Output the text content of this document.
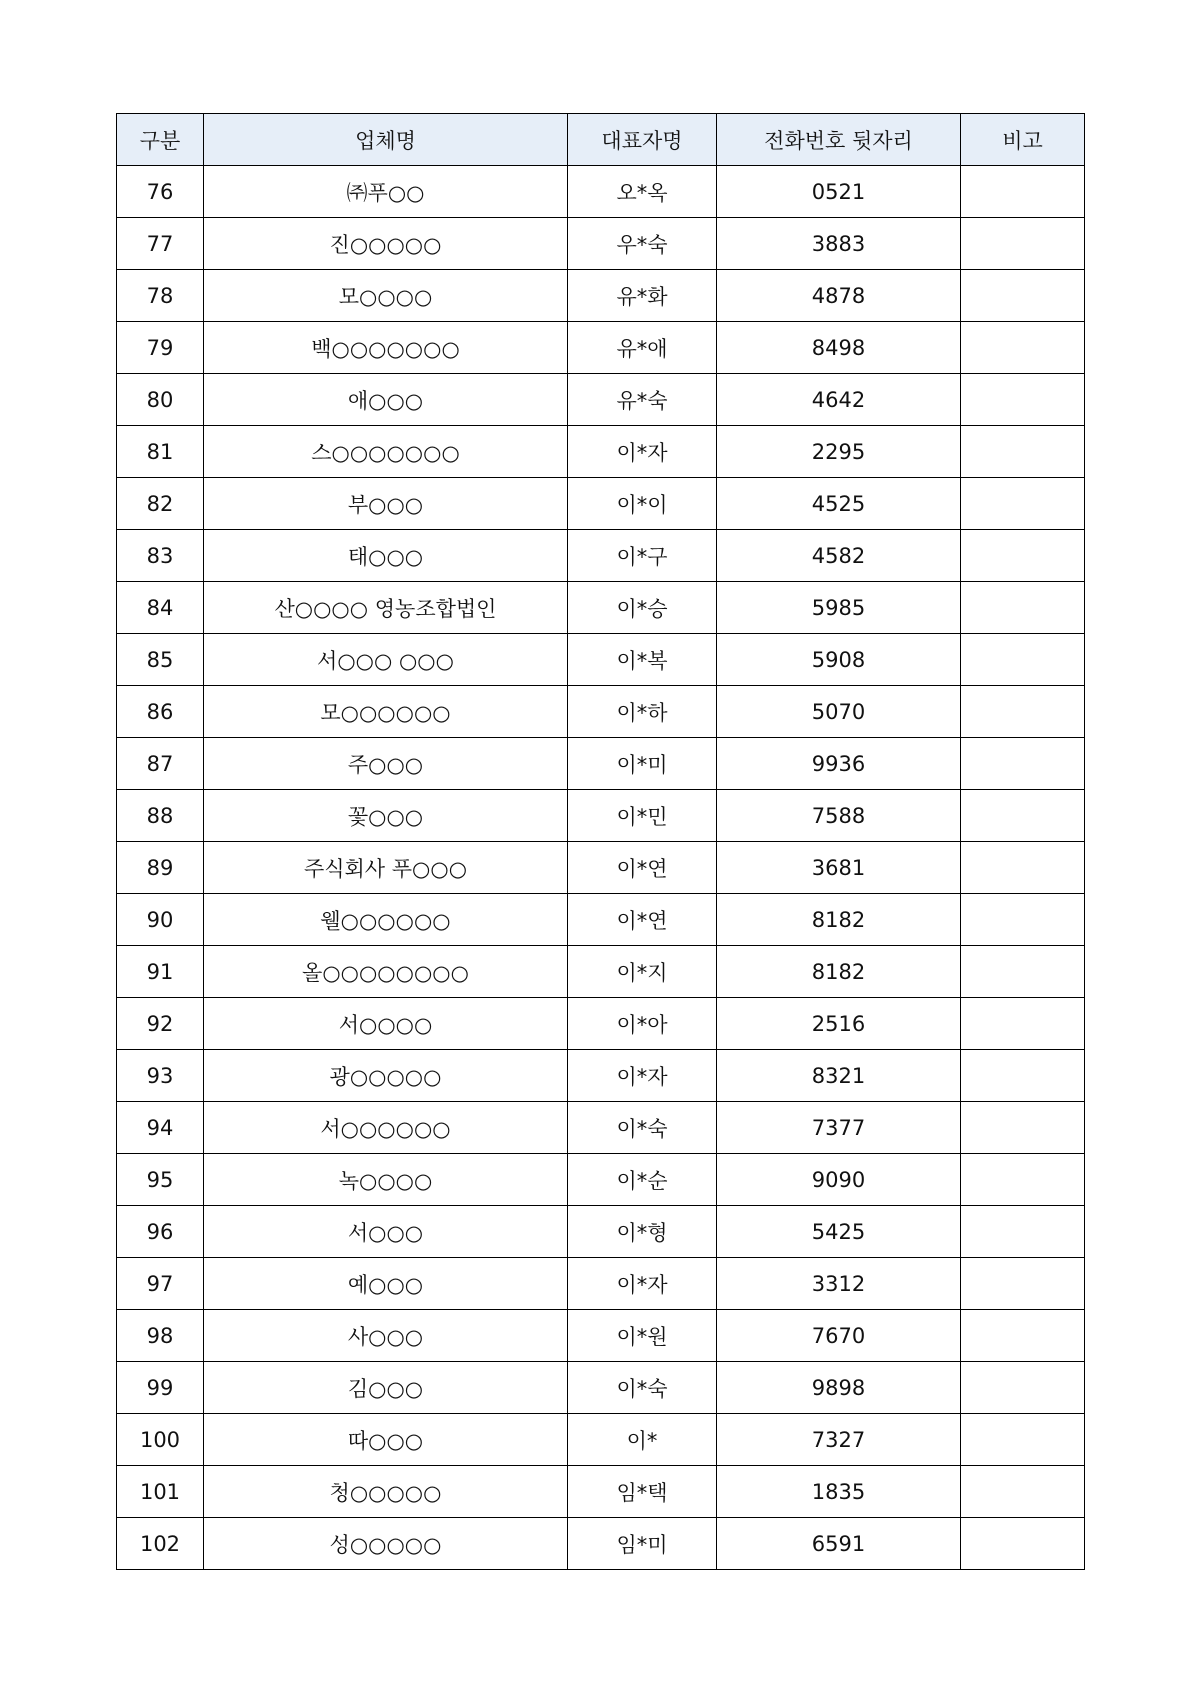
구분	업체명	대표자명	전화번호 뒷자리	비고
76	㈜푸○○	오*옥	0521	
77	진○○○○○	우*숙	3883	
78	모○○○○	유*화	4878	
79	백○○○○○○○	유*애	8498	
80	애○○○	유*숙	4642	
81	스○○○○○○○	이*자	2295	
82	부○○○	이*이	4525	
83	태○○○	이*구	4582	
84	산○○○○ 영농조합법인	이*승	5985	
85	서○○○ ○○○	이*복	5908	
86	모○○○○○○	이*하	5070	
87	주○○○	이*미	9936	
88	꽃○○○	이*민	7588	
89	주식회사 푸○○○	이*연	3681	
90	웰○○○○○○	이*연	8182	
91	올○○○○○○○○	이*지	8182	
92	서○○○○	이*아	2516	
93	광○○○○○	이*자	8321	
94	서○○○○○○	이*숙	7377	
95	녹○○○○	이*순	9090	
96	서○○○	이*형	5425	
97	예○○○	이*자	3312	
98	사○○○	이*원	7670	
99	김○○○	이*숙	9898	
100	따○○○	이*	7327	
101	청○○○○○	임*택	1835	
102	성○○○○○	임*미	6591	
